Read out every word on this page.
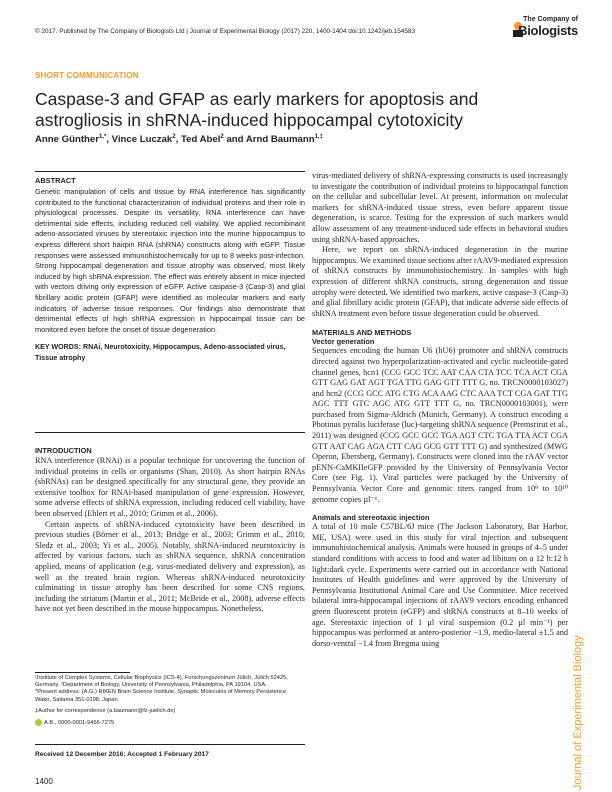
© 2017. Published by The Company of Biologists Ltd | Journal of Experimental Biology (2017) 220, 1400-1404 doi:10.1242/jeb.154583
The Company of
Biologists
SHORT COMMUNICATION
Caspase-3 and GFAP as early markers for apoptosis and astrogliosis in shRNA-induced hippocampal cytotoxicity
Anne Günther$^{1,*}$, Vince Luczak$^2$, Ted Abel$^2$ and Arnd Baumann$^{1,\ddagger}$
ABSTRACT

Genetic manipulation of cells and tissue by RNA interference has significantly contributed to the functional characterization of individual proteins and their role in physiological processes. Despite its versatility, RNA interference can have detrimental side effects, including reduced cell viability. We applied recombinant adeno-associated viruses by stereotaxic injection into the murine hippocampus to express different short hairpin RNA (shRNA) constructs along with eGFP. Tissue responses were assessed immunohistochemically for up to 8 weeks post-infection. Strong hippocampal degeneration and tissue atrophy was observed, most likely induced by high shRNA expression. The effect was entirely absent in mice injected with vectors driving only expression of eGFP. Active caspase-3 (Casp-3) and glial fibrillary acidic protein (GFAP) were identified as molecular markers and early indicators of adverse tissue responses. Our findings also demonstrate that detrimental effects of high shRNA expression in hippocampal tissue can be monitored even before the onset of tissue degeneration.

KEY WORDS: RNAi, Neurotoxicity, Hippocampus, Adeno-associated virus, Tissue atrophy
INTRODUCTION

RNA interference (RNAi) is a popular technique for uncovering the function of individual proteins in cells or organisms (Shan, 2010). As short hairpin RNAs (shRNAs) can be designed specifically for any structural gene, they provide an extensive toolbox for RNAi-based manipulation of gene expression. However, some adverse effects of shRNA expression, including reduced cell viability, have been observed (Ehlert et al., 2010; Grimm et al., 2006).

Certain aspects of shRNA-induced cytotoxicity have been described in previous studies (Börner et al., 2013; Bridge et al., 2003; Grimm et al., 2010; Sledz et al., 2003; Yi et al., 2005). Notably, shRNA-induced neurotoxicity is affected by various factors, such as shRNA sequence, shRNA concentration applied, means of application (e.g. virus-mediated delivery and expression), as well as the treated brain region. Whereas shRNA-induced neurotoxicity culminating in tissue atrophy has been described for some CNS regions, including the striatum (Martin et al., 2011; McBride et al., 2008), adverse effects have not yet been described in the mouse hippocampus. Nonetheless,

¹Institute of Complex Systems, Cellular Biophysics (ICS-4), Forschungszentrum Jülich, Jülich 52425, Germany. ²Department of Biology, University of Pennsylvania, Philadelphia, PA 19104, USA.
*Present address: (A.G.) RIKEN Brain Science Institute, Synaptic Molecules of Memory Persistence, Wako, Saitama 351-0198, Japan
‡Author for correspondence (a.baumann@fz-juelich.de)
A.B., 0000-0001-9456-7275
Received 12 December 2016; Accepted 1 February 2017
1400

virus-mediated delivery of shRNA-expressing constructs is used increasingly to investigate the contribution of individual proteins to hippocampal function on the cellular and subcellular level. At present, information on molecular markers for shRNA-induced tissue stress, even before apparent tissue degeneration, is scarce. Testing for the expression of such markers would allow assessment of any treatment-induced side effects in behavioral studies using shRNA-based approaches.

Here, we report on shRNA-induced degeneration in the murine hippocampus. We examined tissue sections after rAAV9-mediated expression of shRNA constructs by immunohistochemistry. In samples with high expression of different shRNA constructs, strong degeneration and tissue atrophy were detected. We identified two markers, active caspase-3 (Casp-3) and glial fibrillary acidic protein (GFAP), that indicate adverse side effects of shRNA treatment even before tissue degeneration could be observed.

MATERIALS AND METHODS
Vector generation

Sequences encoding the human U6 (hU6) promoter and shRNA constructs directed against two hyperpolarization-activated and cyclic nucleotide-gated channel genes, hcn1 (CCG GCC TCC AAT CAA CTA TCC TCA ACT CGA GTT GAG GAT AGT TGA TTG GAG GTT TTT G, no. TRCN0000103027) and hcn2 (CCG GCC ATG CTG ACA AAG CTC AAA TCT CGA GAT TTG AGC TTT GTC AGC ATG GTT TTT G, no. TRCN0000103001), were purchased from Sigma-Aldrich (Munich, Germany). A construct encoding a Photinus pyralis luciferase (luc)-targeting shRNA sequence (Premsrirut et al., 2011) was designed (CCG GCC GCC TGA AGT CTC TGA TTA ACT CGA GTT AAT CAG AGA CTT CAG GCG GTT TTT G) and synthesized (MWG Operon, Ebersberg, Germany). Constructs were cloned into the rAAV vector pENN-CaMKIIeGFP provided by the University of Pennsylvania Vector Core (see Fig. 1). Viral particles were packaged by the University of Pennsylvania Vector Core and genomic titers ranged from 10⁹ to 10¹⁰ genome copies µl⁻¹.

Animals and stereotaxic injection

A total of 10 male C57BL/6J mice (The Jackson Laboratory, Bar Harbor, ME, USA) were used in this study for viral injection and subsequent immunohistochemical analysis. Animals were housed in groups of 4–5 under standard conditions with access to food and water ad libitum on a 12 h:12 h light:dark cycle. Experiments were carried out in accordance with National Institutes of Health guidelines and were approved by the University of Pennsylvania Institutional Animal Care and Use Committee. Mice received bilateral intra-hippocampal injections of rAAV9 vectors encoding enhanced green fluorescent protein (eGFP) and shRNA constructs at 8–10 weeks of age. Stereotaxic injection of 1 µl viral suspension (0.2 µl min⁻¹) per hippocampus was performed at antero-posterior −1.9, medio-lateral ±1.5 and dorso-ventral −1.4 from Bregma using	Journal of Experimental Biology
